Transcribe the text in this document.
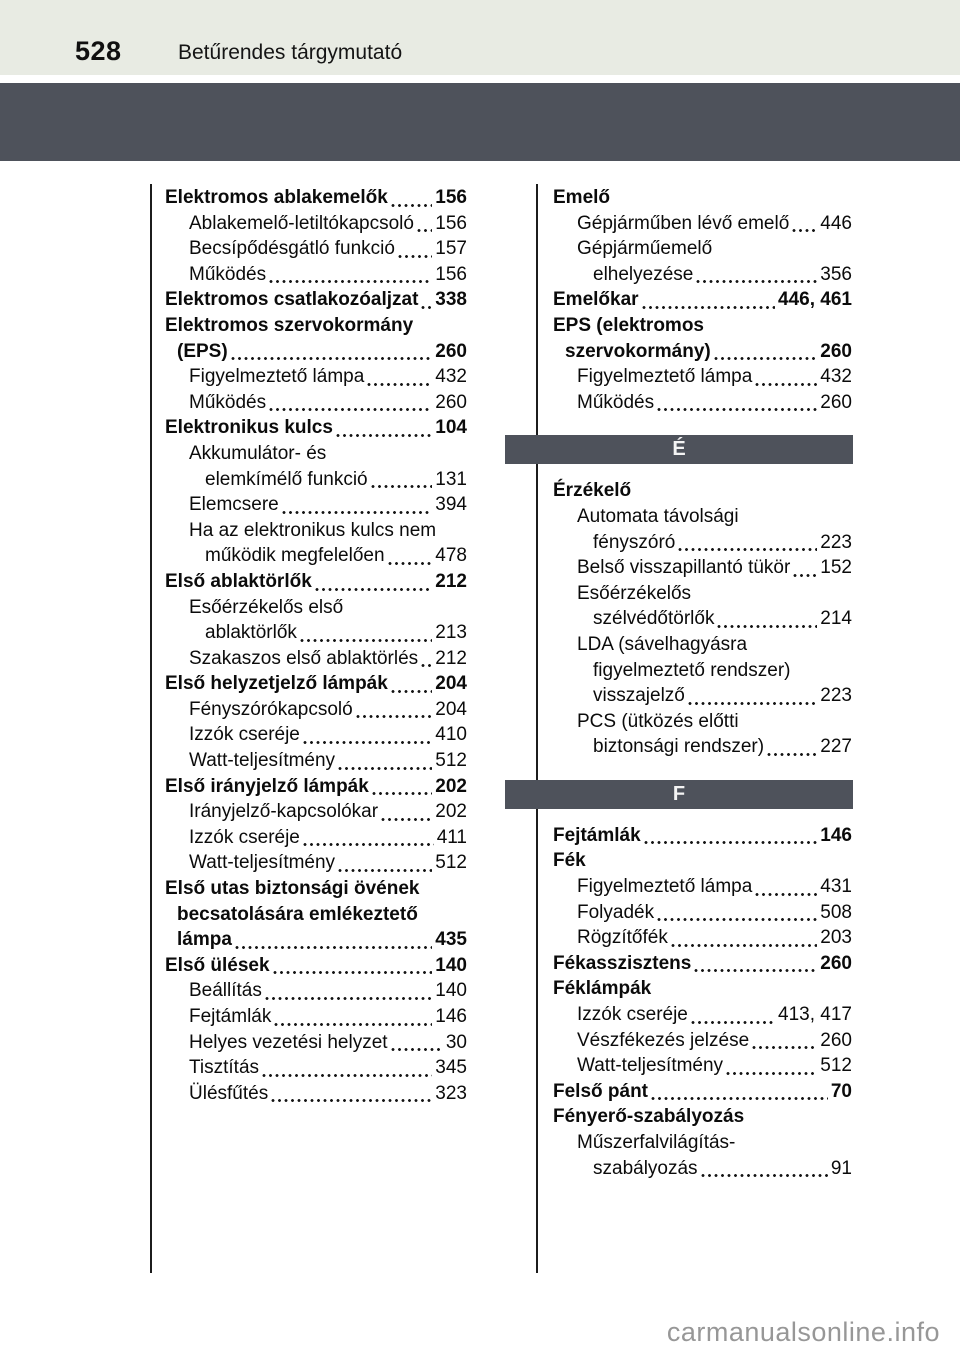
528	Betűrendes tárgymutató
Elektromos ablakemelők 156
Ablakemelő-letiltókapcsoló 156
Becsípődésgátló funkció 157
Működés	156
Elektromos csatlakozóaljzat 338
Elektromos szervokormány
(EPS)	260
Figyelmeztető lámpa	432
Működés	260
Elektronikus kulcs	104
Akkumulátor- és
elemkímélő funkció	131
Elemcsere	394
Ha az elektronikus kulcs nem
működik megfelelően	478
Első ablaktörlők	212
Esőérzékelős első
ablaktörlők	213
Szakaszos első ablaktörlés 212
Első helyzetjelző lámpák 204
Fényszórókapcsoló	204
Izzók cseréje	410
Watt-teljesítmény	512
Első irányjelző lámpák	202
Irányjelző-kapcsolókar	202
Izzók cseréje	411
Watt-teljesítmény	512
Első utas biztonsági övének
becsatolására emlékeztető
lámpa	435
Első ülések	140
Beállítás	140
Fejtámlák	146
Helyes vezetési helyzet	30
Tisztítás	345
Ülésfűtés	323
Emelő
Gépjárműben lévő emelő 446
Gépjárműemelő
elhelyezése	356
Emelőkar	446, 461
EPS (elektromos
szervokormány)	260
Figyelmeztető lámpa	432
Működés	260
É
Érzékelő
Automata távolsági
fényszóró	223
Belső visszapillantó tükör 152
Esőérzékelős
szélvédőtörlők	214
LDA (sávelhagyásra
figyelmeztető rendszer)
visszajelző	223
PCS (ütközés előtti
biztonsági rendszer)	227
F
Fejtámlák	146
Fék
Figyelmeztető lámpa	431
Folyadék	508
Rögzítőfék	203
Fékasszisztens	260
Féklámpák
Izzók cseréje	413, 417
Vészfékezés jelzése	260
Watt-teljesítmény	512
Felső pánt	70
Fényerő-szabályozás
Műszerfalvilágítás-
szabályozás	91
carmanualsonline.info
